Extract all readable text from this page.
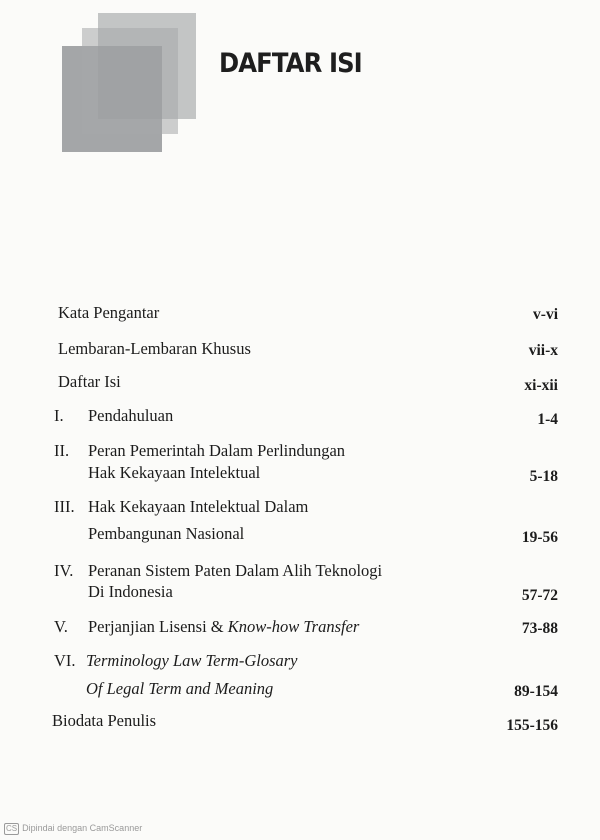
DAFTAR ISI
Kata Pengantar	v-vi
Lembaran-Lembaran Khusus	vii-x
Daftar Isi	xi-xii
I. Pendahuluan	1-4
II. Peran Pemerintah Dalam Perlindungan
Hak Kekayaan Intelektual	5-18
III. Hak Kekayaan Intelektual Dalam
Pembangunan Nasional	19-56
IV. Peranan Sistem Paten Dalam Alih Teknologi
Di Indonesia	57-72
V. Perjanjian Lisensi & Know-how Transfer	73-88
VI. Terminology Law Term-Glosary
Of Legal Term and Meaning	89-154
Biodata Penulis	155-156
CS Dipindai dengan CamScanner
